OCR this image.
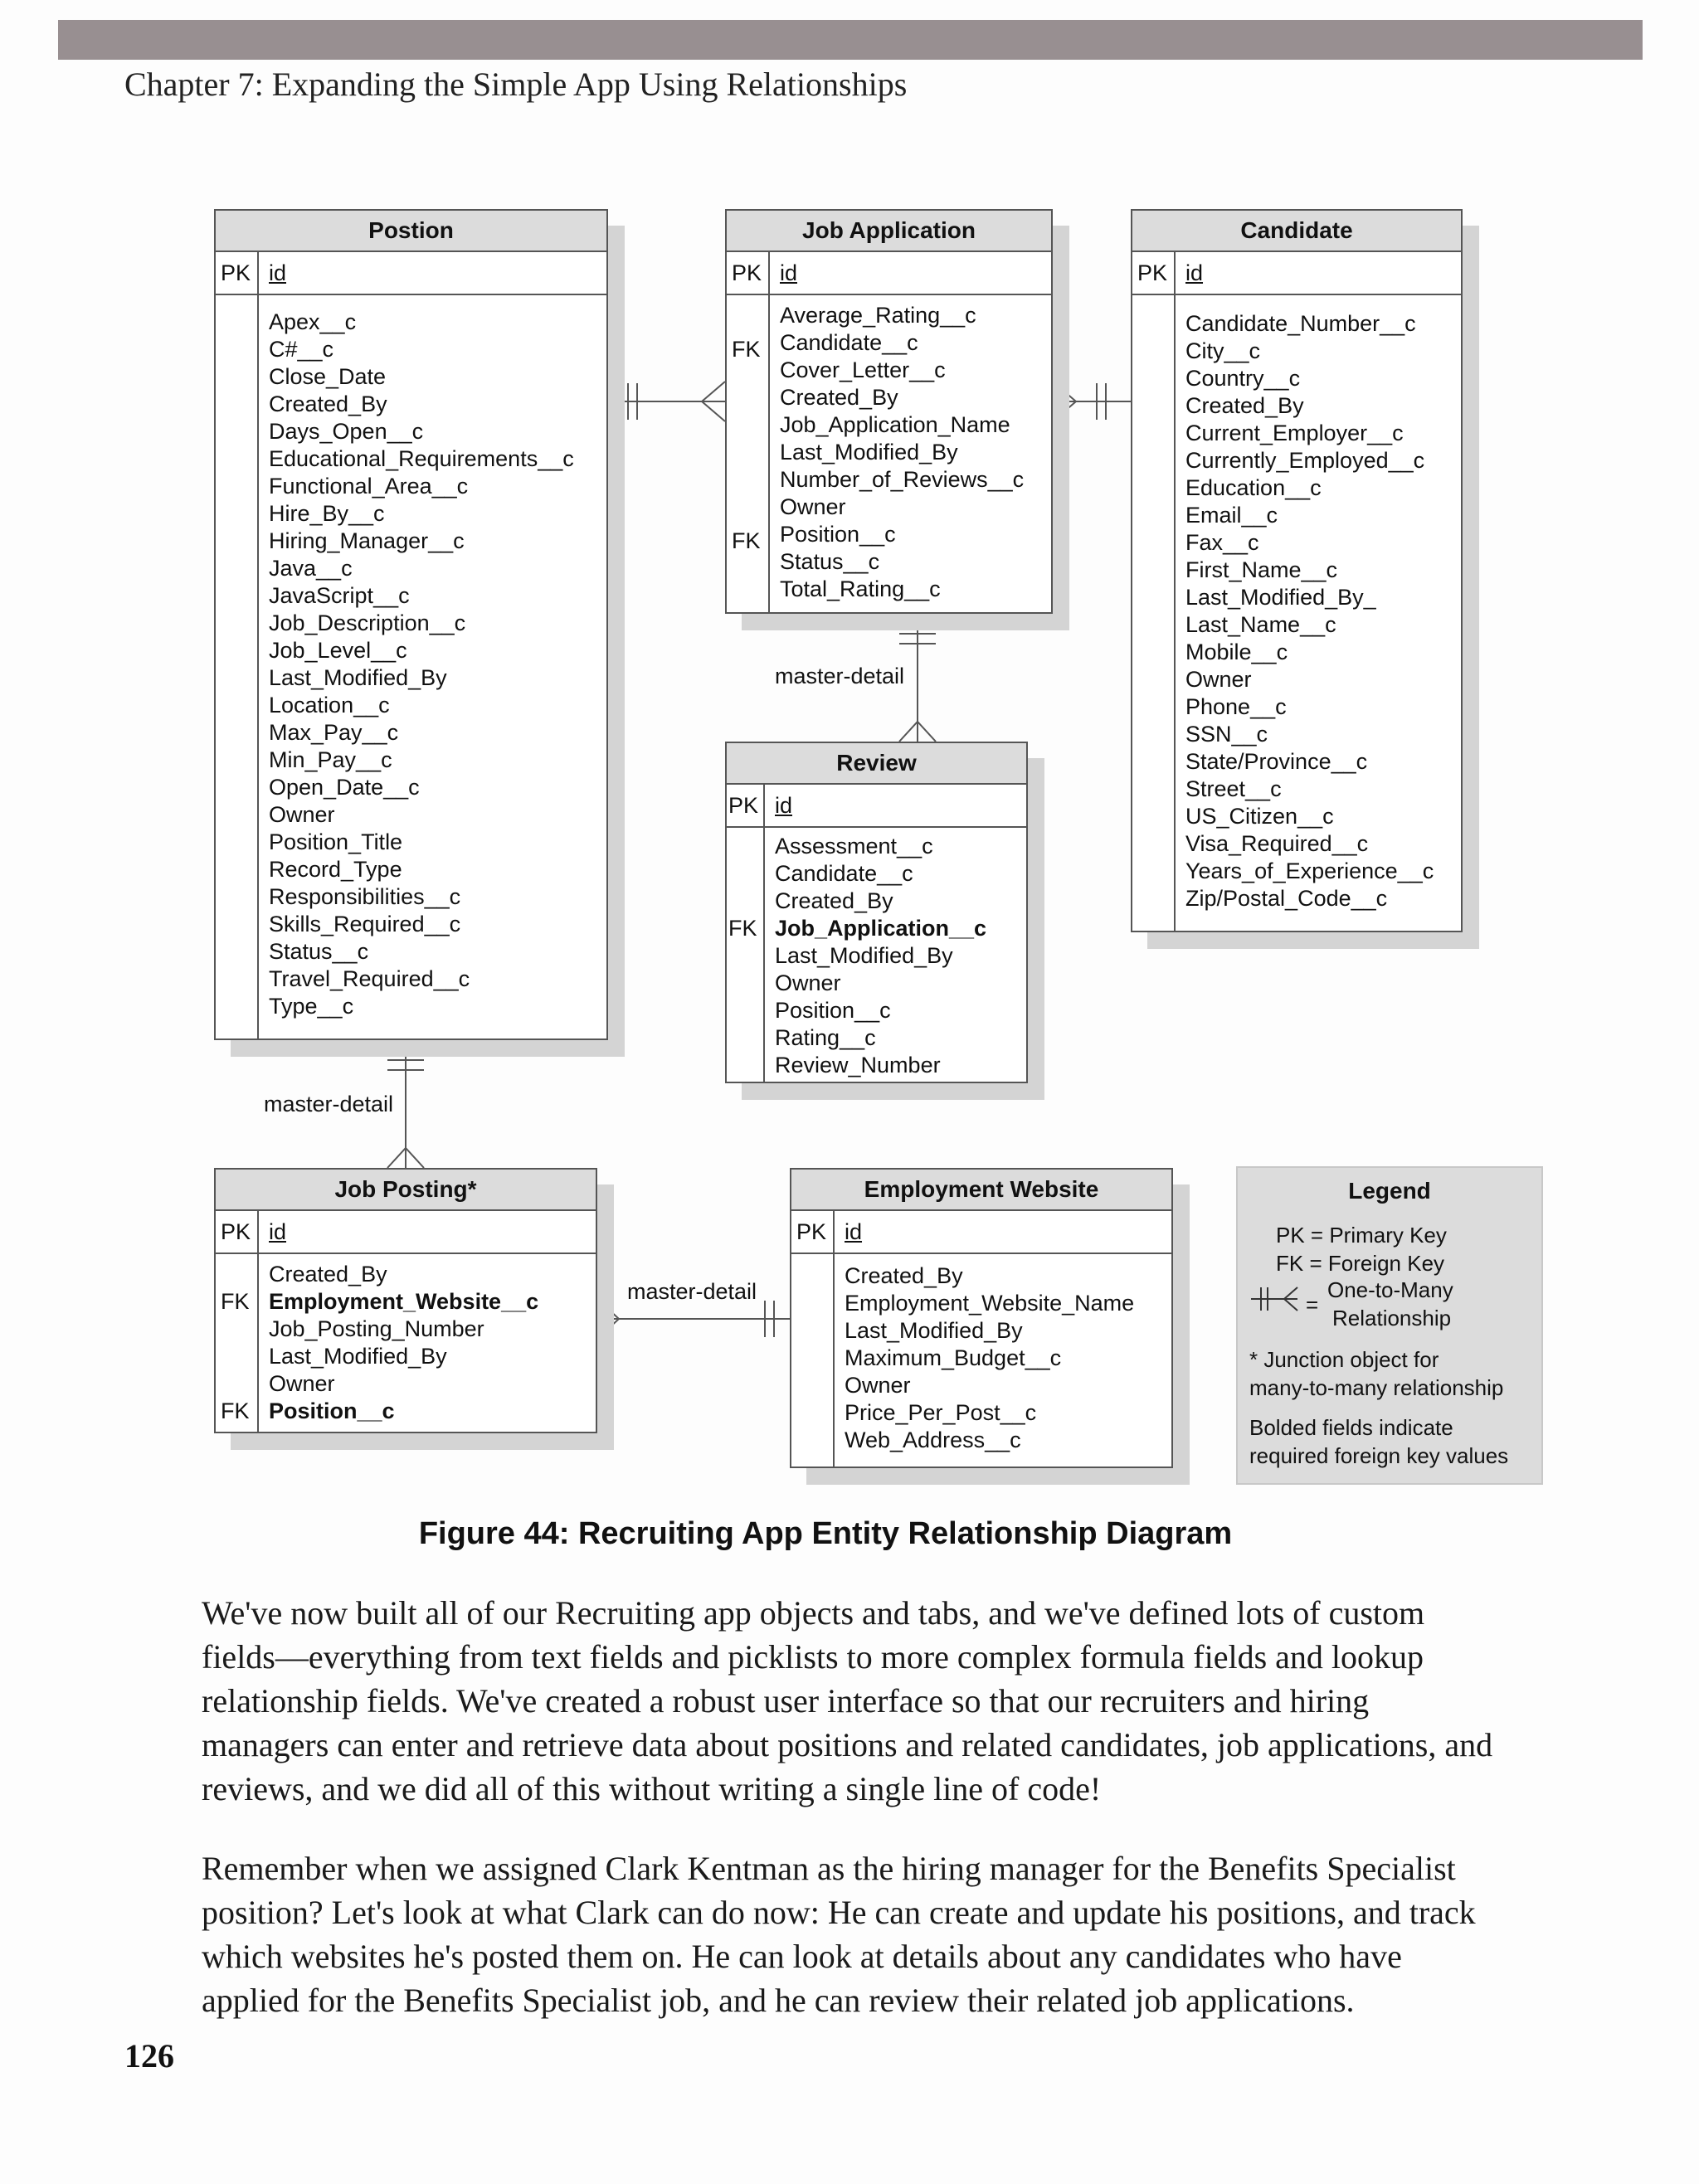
Chapter 7: Expanding the Simple App Using Relationships
master-detail
master-detail
master-detail
Postion
PK id
Apex__c
C#__c
Close_Date
Created_By
Days_Open__c
Educational_Requirements__c
Functional_Area__c
Hire_By__c
Hiring_Manager__c
Java__c
JavaScript__c
Job_Description__c
Job_Level__c
Last_Modified_By
Location__c
Max_Pay__c
Min_Pay__c
Open_Date__c
Owner
Position_Title
Record_Type
Responsibilities__c
Skills_Required__c
Status__c
Travel_Required__c
Type__c
Job Application
PK id
FK
FK
Average_Rating__c
Candidate__c
Cover_Letter__c
Created_By
Job_Application_Name
Last_Modified_By
Number_of_Reviews__c
Owner
Position__c
Status__c
Total_Rating__c
Candidate
PK id
Candidate_Number__c
City__c
Country__c
Created_By
Current_Employer__c
Currently_Employed__c
Education__c
Email__c
Fax__c
First_Name__c
Last_Modified_By_
Last_Name__c
Mobile__c
Owner
Phone__c
SSN__c
State/Province__c
Street__c
US_Citizen__c
Visa_Required__c
Years_of_Experience__c
Zip/Postal_Code__c
Review
PK id
FK
Assessment__c
Candidate__c
Created_By
Job_Application__c
Last_Modified_By
Owner
Position__c
Rating__c
Review_Number
Job Posting*
PK id
FK
FK
Created_By
Employment_Website__c
Job_Posting_Number
Last_Modified_By
Owner
Position__c
Employment Website
PK id
Created_By
Employment_Website_Name
Last_Modified_By
Maximum_Budget__c
Owner
Price_Per_Post__c
Web_Address__c
Legend
PK = Primary Key
FK = Foreign Key
=
One-to-Many
Relationship
* Junction object for
many-to-many relationship
Bolded fields indicate
required foreign key values
Figure 44: Recruiting App Entity Relationship Diagram

We've now built all of our Recruiting app objects and tabs, and we've defined lots of custom fields—everything from text fields and picklists to more complex formula fields and lookup relationship fields. We've created a robust user interface so that our recruiters and hiring managers can enter and retrieve data about positions and related candidates, job applications, and reviews, and we did all of this without writing a single line of code!

Remember when we assigned Clark Kentman as the hiring manager for the Benefits Specialist position? Let's look at what Clark can do now: He can create and update his positions, and track which websites he's posted them on. He can look at details about any candidates who have applied for the Benefits Specialist job, and he can review their related job applications.

126
